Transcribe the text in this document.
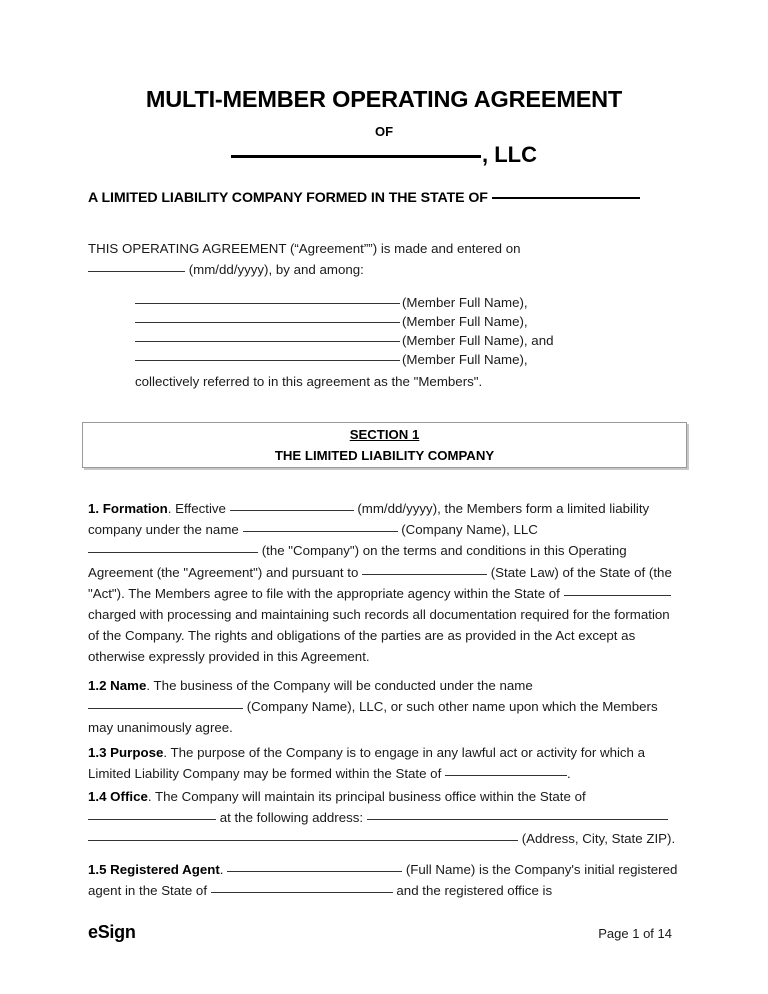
MULTI-MEMBER OPERATING AGREEMENT
OF
, LLC
A LIMITED LIABILITY COMPANY FORMED IN THE STATE OF
THIS OPERATING AGREEMENT (“Agreement””) is made and entered on
(mm/dd/yyyy), by and among:
(Member Full Name),
(Member Full Name),
(Member Full Name), and
(Member Full Name),
collectively referred to in this agreement as the "Members".
SECTION 1
THE LIMITED LIABILITY COMPANY
1. Formation. Effective	(mm/dd/yyyy), the Members form a limited liability company under the name	(Company Name), LLC  (the "Company") on the terms and conditions in this Operating Agreement (the "Agreement") and pursuant to	(State Law) of the State of (the "Act"). The Members agree to file with the appropriate agency within the State of  charged with processing and maintaining such records all documentation required for the formation of the Company. The rights and obligations of the parties are as provided in the Act except as otherwise expressly provided in this Agreement.
1.2 Name. The business of the Company will be conducted under the name  (Company Name), LLC, or such other name upon which the Members may unanimously agree.
1.3 Purpose. The purpose of the Company is to engage in any lawful act or activity for which a Limited Liability Company may be formed within the State of	.
1.4 Office. The Company will maintain its principal business office within the State of  at the following address:  (Address, City, State ZIP).
1.5 Registered Agent.	(Full Name) is the Company's initial registered agent in the State of	and the registered office is
eSign	Page 1 of 14
